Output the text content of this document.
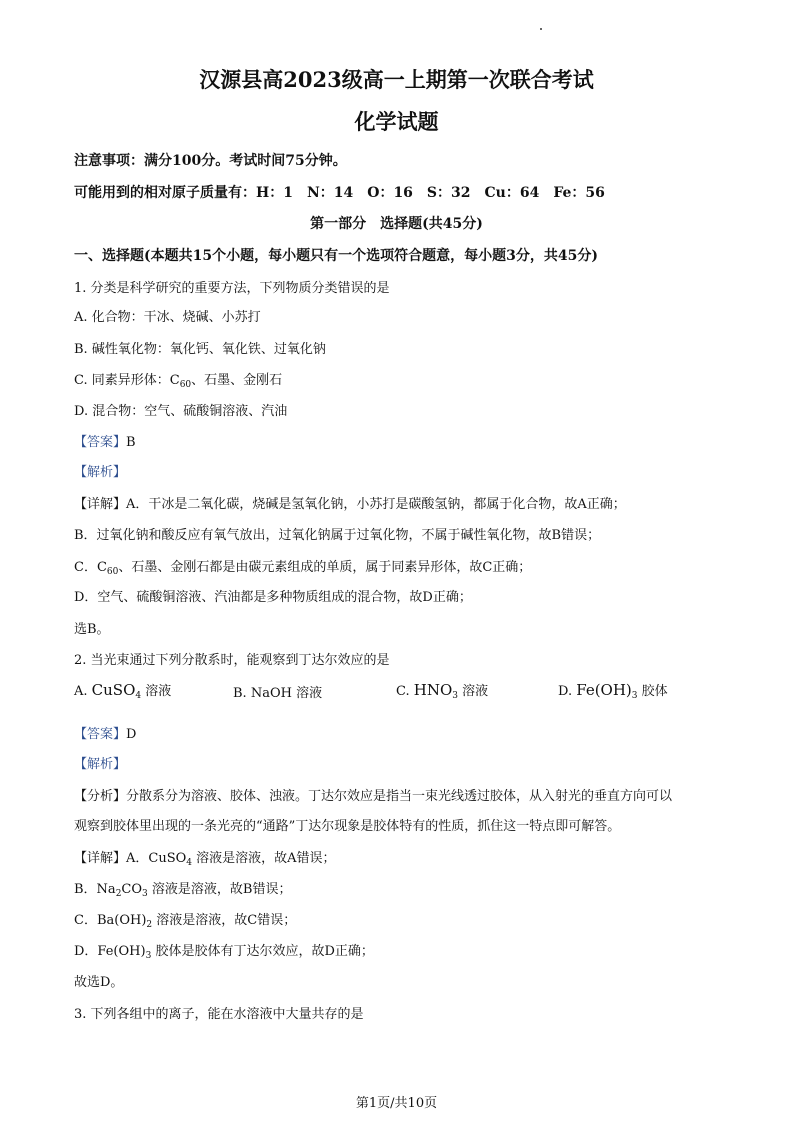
汉源县高2023级高一上期第一次联合考试
化学试题
注意事项：满分100分。考试时间75分钟。
可能用到的相对原子质量有：H：1　N：14　O：16　S：32　Cu：64　Fe：56
第一部分　选择题(共45分)
一、选择题(本题共15个小题，每小题只有一个选项符合题意，每小题3分，共45分)
1. 分类是科学研究的重要方法，下列物质分类错误的是
A. 化合物：干冰、烧碱、小苏打
B. 碱性氧化物：氧化钙、氧化铁、过氧化钠
C. 同素异形体：$C_{60}$、石墨、金刚石
D. 混合物：空气、硫酸铜溶液、汽油
【答案】B
【解析】
【详解】A．干冰是二氧化碳，烧碱是氢氧化钠，小苏打是碳酸氢钠，都属于化合物，故A正确；
B．过氧化钠和酸反应有氧气放出，过氧化钠属于过氧化物，不属于碱性氧化物，故B错误；
C．$C_{60}$、石墨、金刚石都是由碳元素组成的单质，属于同素异形体，故C正确；
D．空气、硫酸铜溶液、汽油都是多种物质组成的混合物，故D正确；
选B。
2. 当光束通过下列分散系时，能观察到丁达尔效应的是
A. CuSO$_4$ 溶液	B. NaOH 溶液	C. $HNO_3$ 溶液	D. $Fe(OH)_3$ 胶体
【答案】D
【解析】
【分析】分散系分为溶液、胶体、浊液。丁达尔效应是指当一束光线透过胶体，从入射光的垂直方向可以
观察到胶体里出现的一条光亮的“通路”丁达尔现象是胶体特有的性质，抓住这一特点即可解答。
【详解】A．CuSO$_4$ 溶液是溶液，故A错误；
B．$Na_2CO_3$ 溶液是溶液，故B错误；
C．$Ba(OH)_2$ 溶液是溶液，故C错误；
D．$Fe(OH)_3$ 胶体是胶体有丁达尔效应，故D正确；
故选D。
3. 下列各组中的离子，能在水溶液中大量共存的是
第1页/共10页
